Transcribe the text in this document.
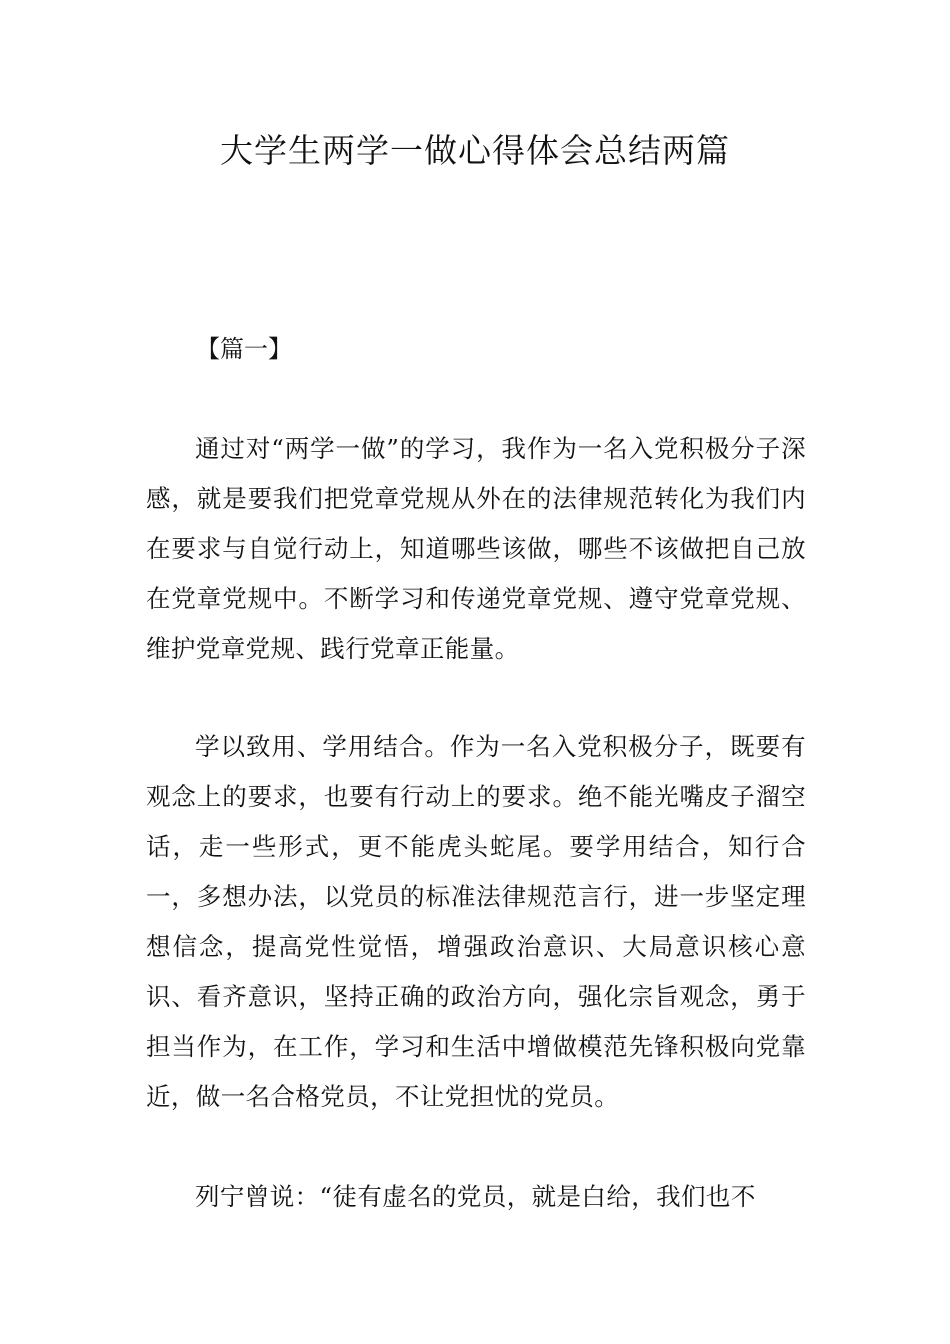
大学生两学一做心得体会总结两篇

【篇一】

通过对“两学一做”的学习，我作为一名入党积极分子深感，就是要我们把党章党规从外在的法律规范转化为我们内在要求与自觉行动上，知道哪些该做，哪些不该做把自己放在党章党规中。不断学习和传递党章党规、遵守党章党规、维护党章党规、践行党章正能量。

学以致用、学用结合。作为一名入党积极分子，既要有观念上的要求，也要有行动上的要求。绝不能光嘴皮子溜空话，走一些形式，更不能虎头蛇尾。要学用结合，知行合一，多想办法，以党员的标准法律规范言行，进一步坚定理想信念，提高党性觉悟，增强政治意识、大局意识核心意识、看齐意识，坚持正确的政治方向，强化宗旨观念，勇于担当作为，在工作，学习和生活中增做模范先锋积极向党靠近，做一名合格党员，不让党担忧的党员。

列宁曾说：“徒有虚名的党员，就是白给，我们也不
